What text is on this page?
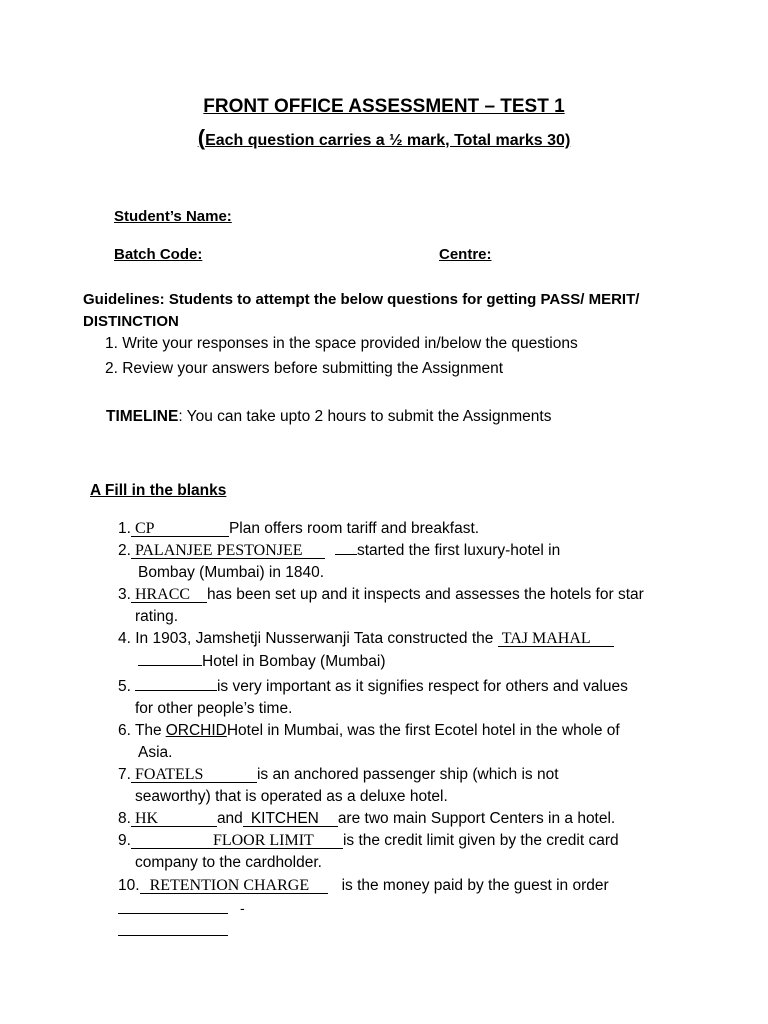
FRONT OFFICE ASSESSMENT – TEST 1
(Each question carries a ½ mark, Total marks 30)
Student’s Name:
Batch Code:	Centre:
Guidelines: Students to attempt the below questions for getting PASS/ MERIT/
DISTINCTION
1. Write your responses in the space provided in/below the questions
2. Review your answers before submitting the Assignment
TIMELINE: You can take upto 2 hours to submit the Assignments
A Fill in the blanks
1. CP	Plan offers room tariff and breakfast.
2. PALANJEE PESTONJEE	started the first luxury-hotel in
Bombay (Mumbai) in 1840.
3. HRACC has been set up and it inspects and assesses the hotels for star
rating.
4. In 1903, Jamshetji Nusserwanji Tata constructed the TAJ MAHAL
Hotel in Bombay (Mumbai)
5.	is very important as it signifies respect for others and values
for other people’s time.
6. The ORCHIDHotel in Mumbai, was the first Ecotel hotel in the whole of
Asia.
7. FOATELS	is an anchored passenger ship (which is not
seaworthy) that is operated as a deluxe hotel.
8. HK	and KITCHEN are two main Support Centers in a hotel.
9.	FLOOR LIMIT is the credit limit given by the credit card
company to the cardholder.
10. RETENTION CHARGE is the money paid by the guest in order
-
